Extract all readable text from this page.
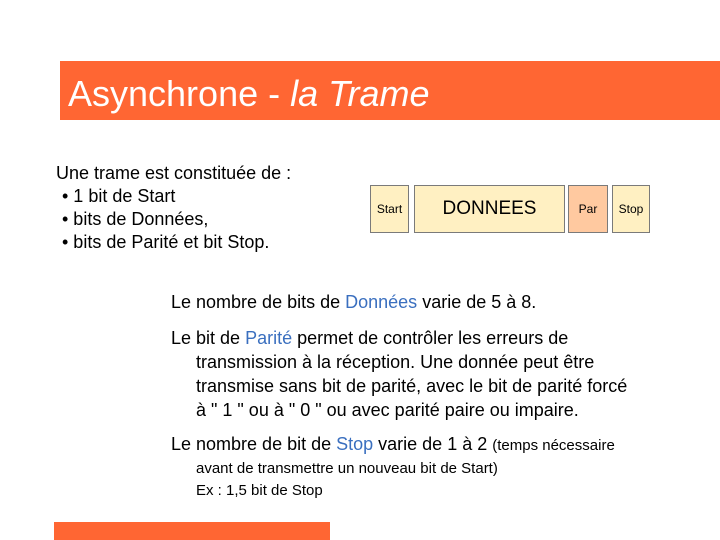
Asynchrone - la Trame
Une trame est constituée de :
• 1 bit de Start
• bits de Données,
• bits de Parité et bit Stop.
Start	DONNEES	Par	Stop
Le nombre de bits de Données varie de 5 à 8.
Le bit de Parité permet de contrôler les erreurs de
transmission à la réception. Une donnée peut être
transmise sans bit de parité, avec le bit de parité forcé
à " 1 " ou à " 0 " ou avec parité paire ou impaire.
Le nombre de bit de Stop varie de 1 à 2 (temps nécessaire
avant de transmettre un nouveau bit de Start)
Ex : 1,5 bit de Stop
